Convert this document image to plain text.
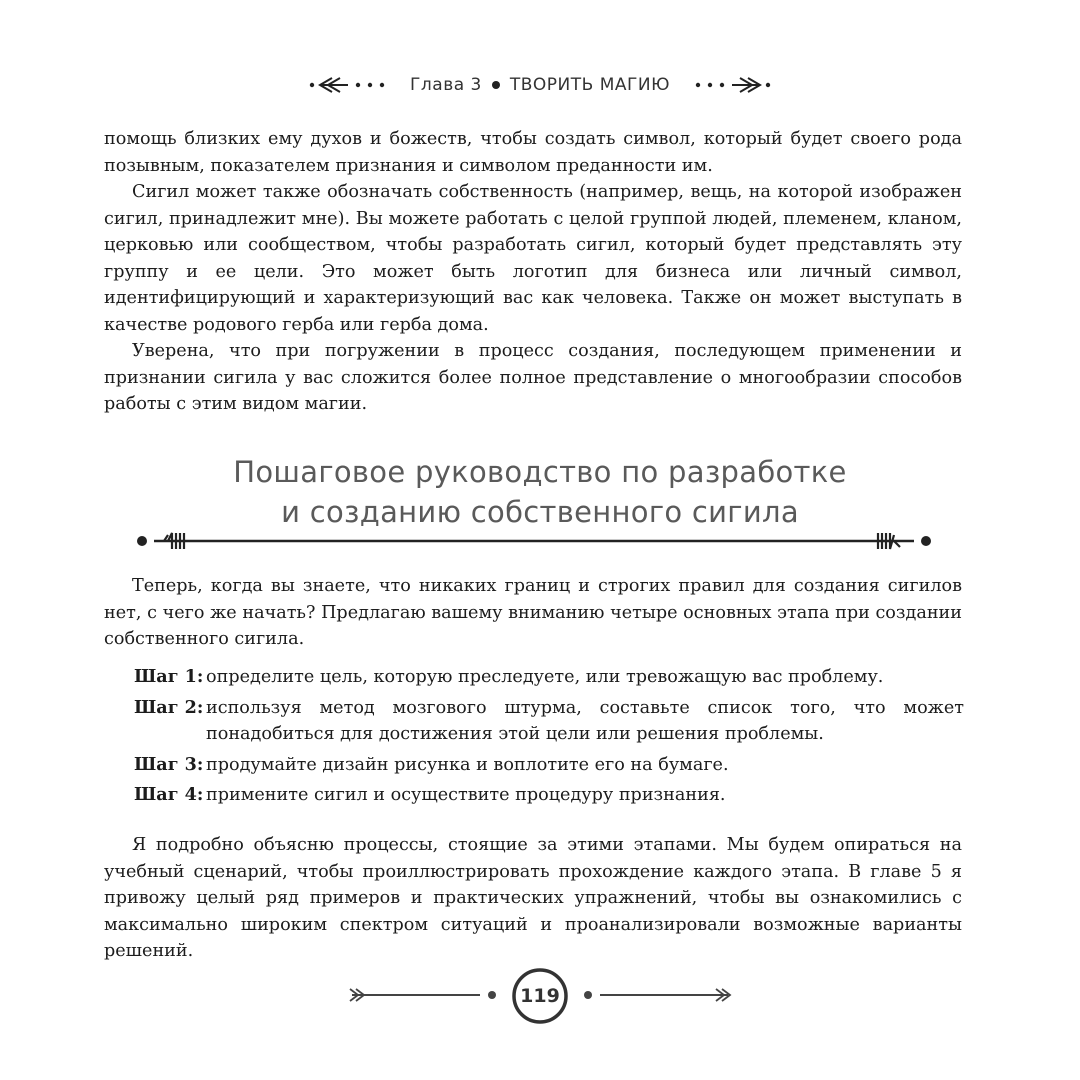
Глава 3 ТВОРИТЬ МАГИЮ

помощь близких ему духов и божеств, чтобы создать символ, который будет своего рода позывным, показателем признания и символом преданности им.

Сигил может также обозначать собственность (например, вещь, на которой изображен сигил, принадлежит мне). Вы можете работать с целой группой людей, племенем, кланом, церковью или сообществом, чтобы разработать сигил, который будет представлять эту группу и ее цели. Это может быть логотип для бизнеса или личный символ, идентифицирующий и характеризующий вас как человека. Также он может выступать в качестве родового герба или герба дома.

Уверена, что при погружении в процесс создания, последующем применении и признании сигила у вас сложится более полное представление о многообразии способов работы с этим видом магии.

Пошаговое руководство по разработке
и созданию собственного сигила

Теперь, когда вы знаете, что никаких границ и строгих правил для создания сигилов нет, с чего же начать? Предлагаю вашему вниманию четыре основных этапа при создании собственного сигила.

Шаг 1: определите цель, которую преследуете, или тревожащую вас проблему.
Шаг 2: используя метод мозгового штурма, составьте список того, что может понадобиться для достижения этой цели или решения проблемы.
Шаг 3: продумайте дизайн рисунка и воплотите его на бумаге.
Шаг 4: примените сигил и осуществите процедуру признания.

Я подробно объясню процессы, стоящие за этими этапами. Мы будем опираться на учебный сценарий, чтобы проиллюстрировать прохождение каждого этапа. В главе 5 я привожу целый ряд примеров и практических упражнений, чтобы вы ознакомились с максимально широким спектром ситуаций и проанализировали возможные варианты решений.

119
